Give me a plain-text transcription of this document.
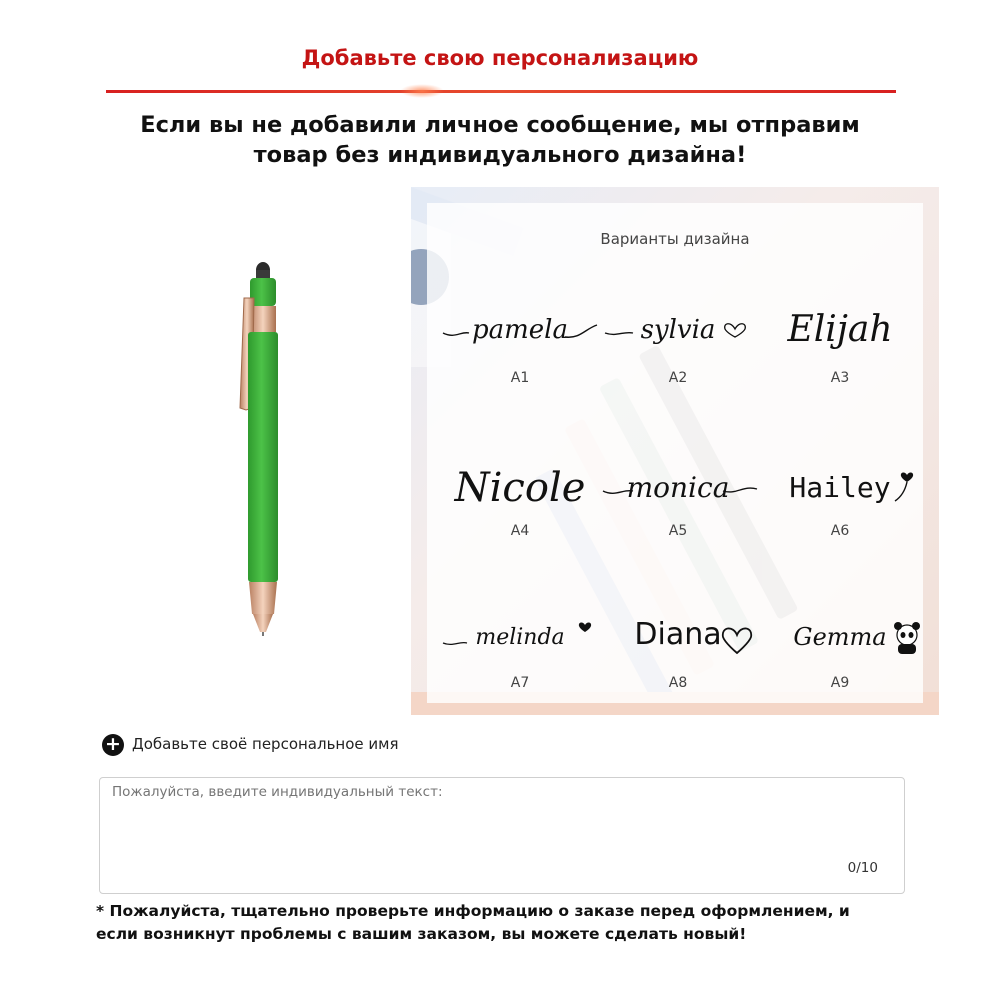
Добавьте свою персонализацию
Если вы не добавили личное сообщение, мы отправим
товар без индивидуального дизайна!
Варианты дизайна
pamela
A1
sylvia
A2
Elijah
A3
Nicole
A4
monica
A5
Hailey
A6
melinda
A7
Diana
A8
Gemma
A9
+ Добавьте своё персональное имя
Пожалуйста, введите индивидуальный текст:
0/10
* Пожалуйста, тщательно проверьте информацию о заказе перед оформлением, и
если возникнут проблемы с вашим заказом, вы можете сделать новый!
